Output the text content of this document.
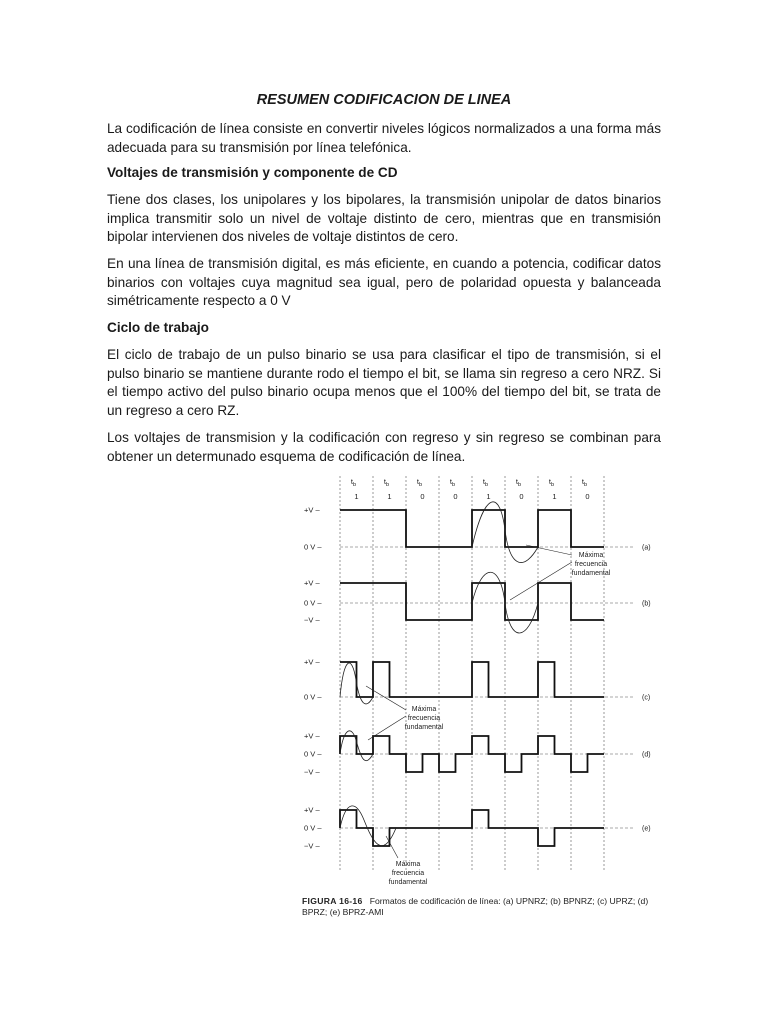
RESUMEN CODIFICACION DE LINEA

La codificación de línea consiste en convertir niveles lógicos normalizados a una forma más adecuada para su transmisión por línea telefónica.

Voltajes de transmisión y componente de CD

Tiene dos clases, los unipolares y los bipolares, la transmisión unipolar de datos binarios implica transmitir solo un nivel de voltaje distinto de cero, mientras que en transmisión bipolar intervienen dos niveles de voltaje distintos de cero.

En una línea de transmisión digital, es más eficiente, en cuando a potencia, codificar datos binarios con voltajes cuya magnitud sea igual, pero de polaridad opuesta y balanceada simétricamente respecto a 0 V

Ciclo de trabajo

El ciclo de trabajo de un pulso binario se usa para clasificar el tipo de transmisión, si el pulso binario se mantiene durante rodo el tiempo el bit, se llama sin regreso a cero NRZ. Si el tiempo activo del pulso binario ocupa menos que el 100% del tiempo del bit, se trata de un regreso a cero RZ.

Los voltajes de transmision y la codificación con regreso y sin regreso se combinan para obtener un determunado esquema de codificación de línea.

$t_b$
1
$t_b$
1
$t_b$
0
$t_b$
0
$t_b$
1
$t_b$
0
$t_b$
1
$t_b$
0
+V –
0 V –	(a)
+V –
0 V –
−V –
(b)
+V –
0 V –	(c)
+V –
0 V –
−V –
(d)
+V –
0 V –
−V –
(e)
Máxima
frecuencia
fundamental
Máxima
frecuencia
fundamental
Máxima
frecuencia
fundamental

FIGURA 16-16 Formatos de codificación de línea: (a) UPNRZ; (b) BPNRZ; (c) UPRZ; (d) BPRZ; (e) BPRZ-AMI
